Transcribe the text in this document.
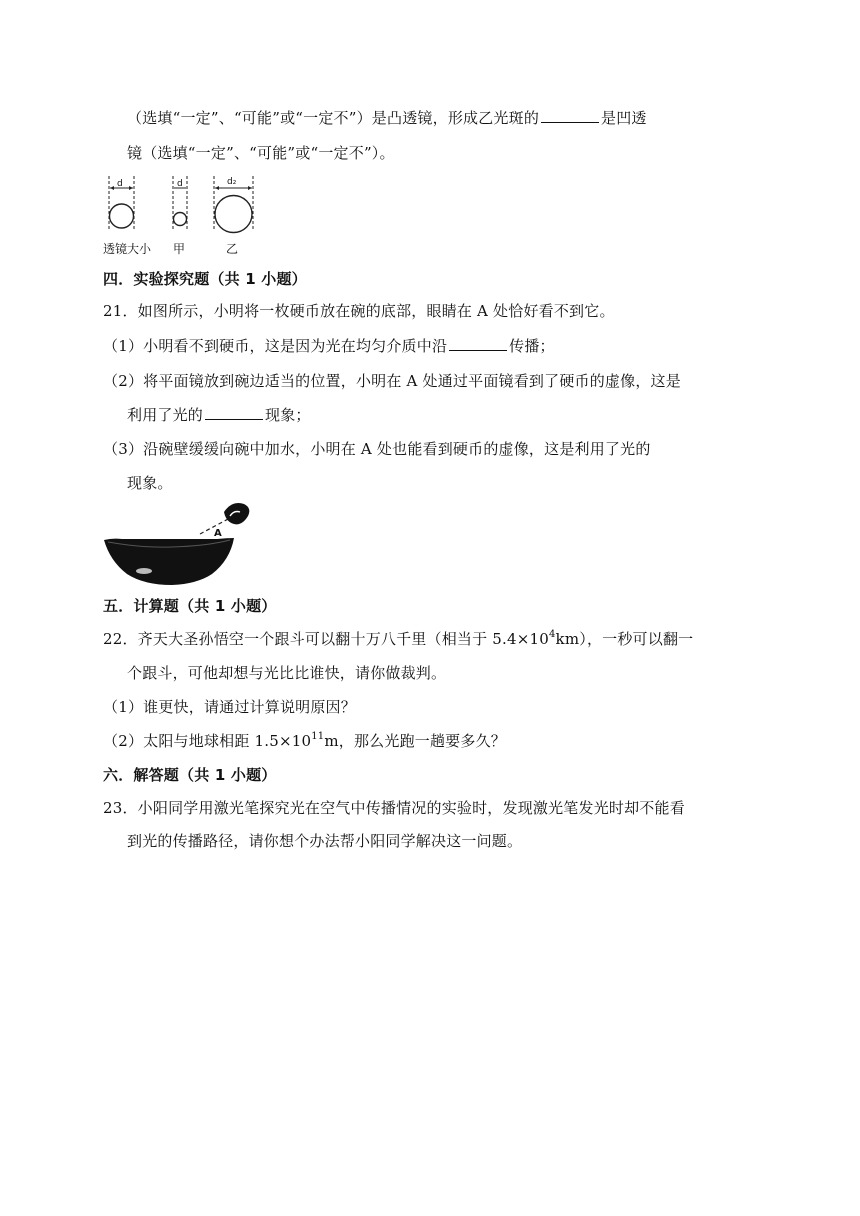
（选填“一定”、“可能”或“一定不”）是凸透镜，形成乙光斑的	是凹透
镜（选填“一定”、“可能”或“一定不”）。
d	d	d₂
透镜大小 甲	乙
四．实验探究题（共 1 小题）
21．如图所示，小明将一枚硬币放在碗的底部，眼睛在 A 处恰好看不到它。
（1）小明看不到硬币，这是因为光在均匀介质中沿	传播；
（2）将平面镜放到碗边适当的位置，小明在 A 处通过平面镜看到了硬币的虚像，这是
利用了光的	现象；
（3）沿碗壁缓缓向碗中加水，小明在 A 处也能看到硬币的虚像，这是利用了光的
现象。
A
五．计算题（共 1 小题）
22．齐天大圣孙悟空一个跟斗可以翻十万八千里（相当于 $5.4\times 10^4km$），一秒可以翻一
个跟斗，可他却想与光比比谁快，请你做裁判。
（1）谁更快，请通过计算说明原因？
（2）太阳与地球相距 $1.5\times 10^{11}m$，那么光跑一趟要多久？
六．解答题（共 1 小题）
23．小阳同学用激光笔探究光在空气中传播情况的实验时，发现激光笔发光时却不能看
到光的传播路径，请你想个办法帮小阳同学解决这一问题。
